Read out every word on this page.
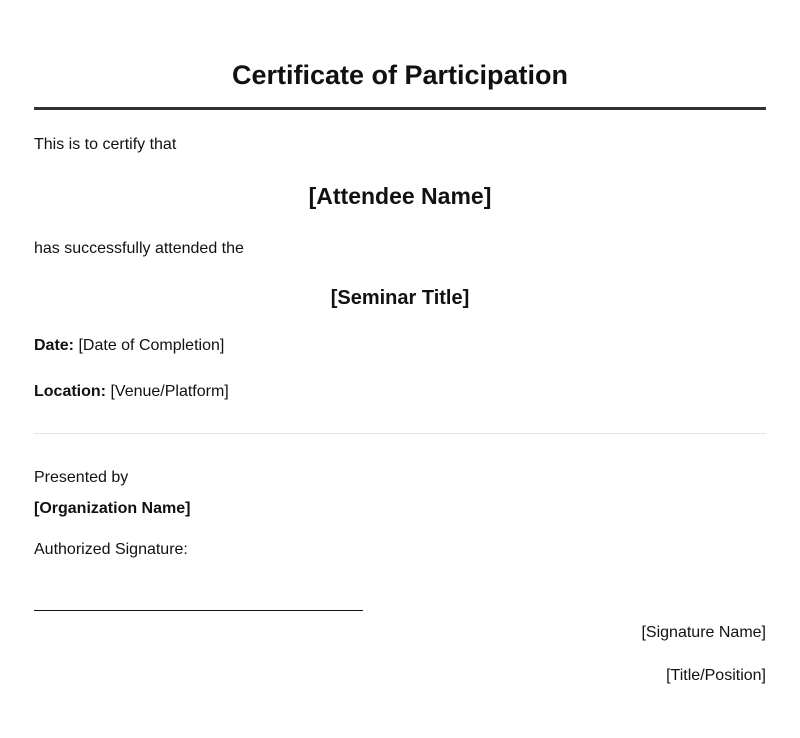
Certificate of Participation

This is to certify that

[Attendee Name]

has successfully attended the

[Seminar Title]

Date: [Date of Completion]

Location: [Venue/Platform]

Presented by

[Organization Name]

Authorized Signature:

[Signature Name]

[Title/Position]
